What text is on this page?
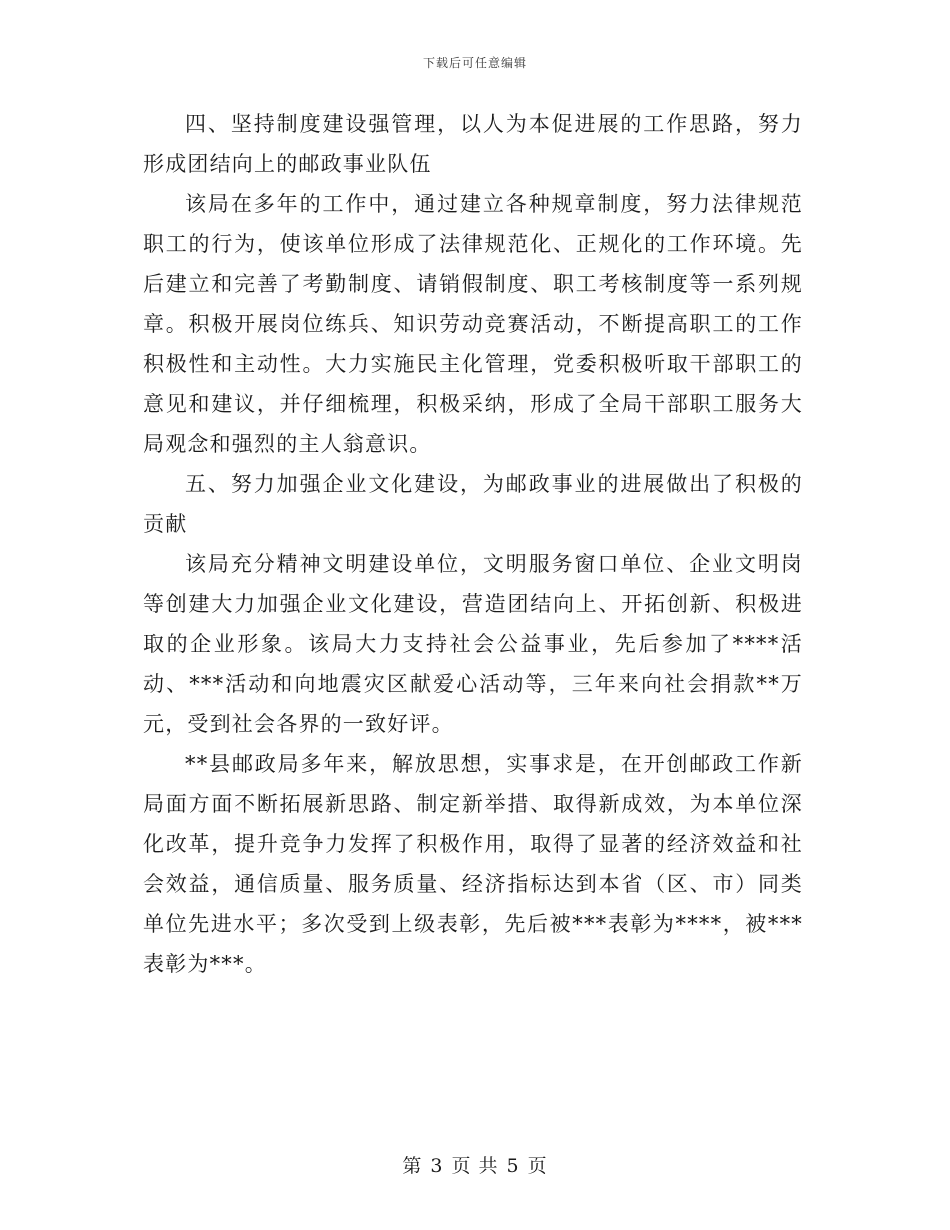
下载后可任意编辑

四、坚持制度建设强管理，以人为本促进展的工作思路，努力形成团结向上的邮政事业队伍

该局在多年的工作中，通过建立各种规章制度，努力法律规范职工的行为，使该单位形成了法律规范化、正规化的工作环境。先后建立和完善了考勤制度、请销假制度、职工考核制度等一系列规章。积极开展岗位练兵、知识劳动竞赛活动，不断提高职工的工作积极性和主动性。大力实施民主化管理，党委积极听取干部职工的意见和建议，并仔细梳理，积极采纳，形成了全局干部职工服务大局观念和强烈的主人翁意识。

五、努力加强企业文化建设，为邮政事业的进展做出了积极的贡献

该局充分精神文明建设单位，文明服务窗口单位、企业文明岗等创建大力加强企业文化建设，营造团结向上、开拓创新、积极进取的企业形象。该局大力支持社会公益事业，先后参加了****活动、***活动和向地震灾区献爱心活动等，三年来向社会捐款**万元，受到社会各界的一致好评。

**县邮政局多年来，解放思想，实事求是，在开创邮政工作新局面方面不断拓展新思路、制定新举措、取得新成效，为本单位深化改革，提升竞争力发挥了积极作用，取得了显著的经济效益和社会效益，通信质量、服务质量、经济指标达到本省（区、市）同类单位先进水平；多次受到上级表彰，先后被***表彰为****，被***表彰为***。

第 3 页 共 5 页
